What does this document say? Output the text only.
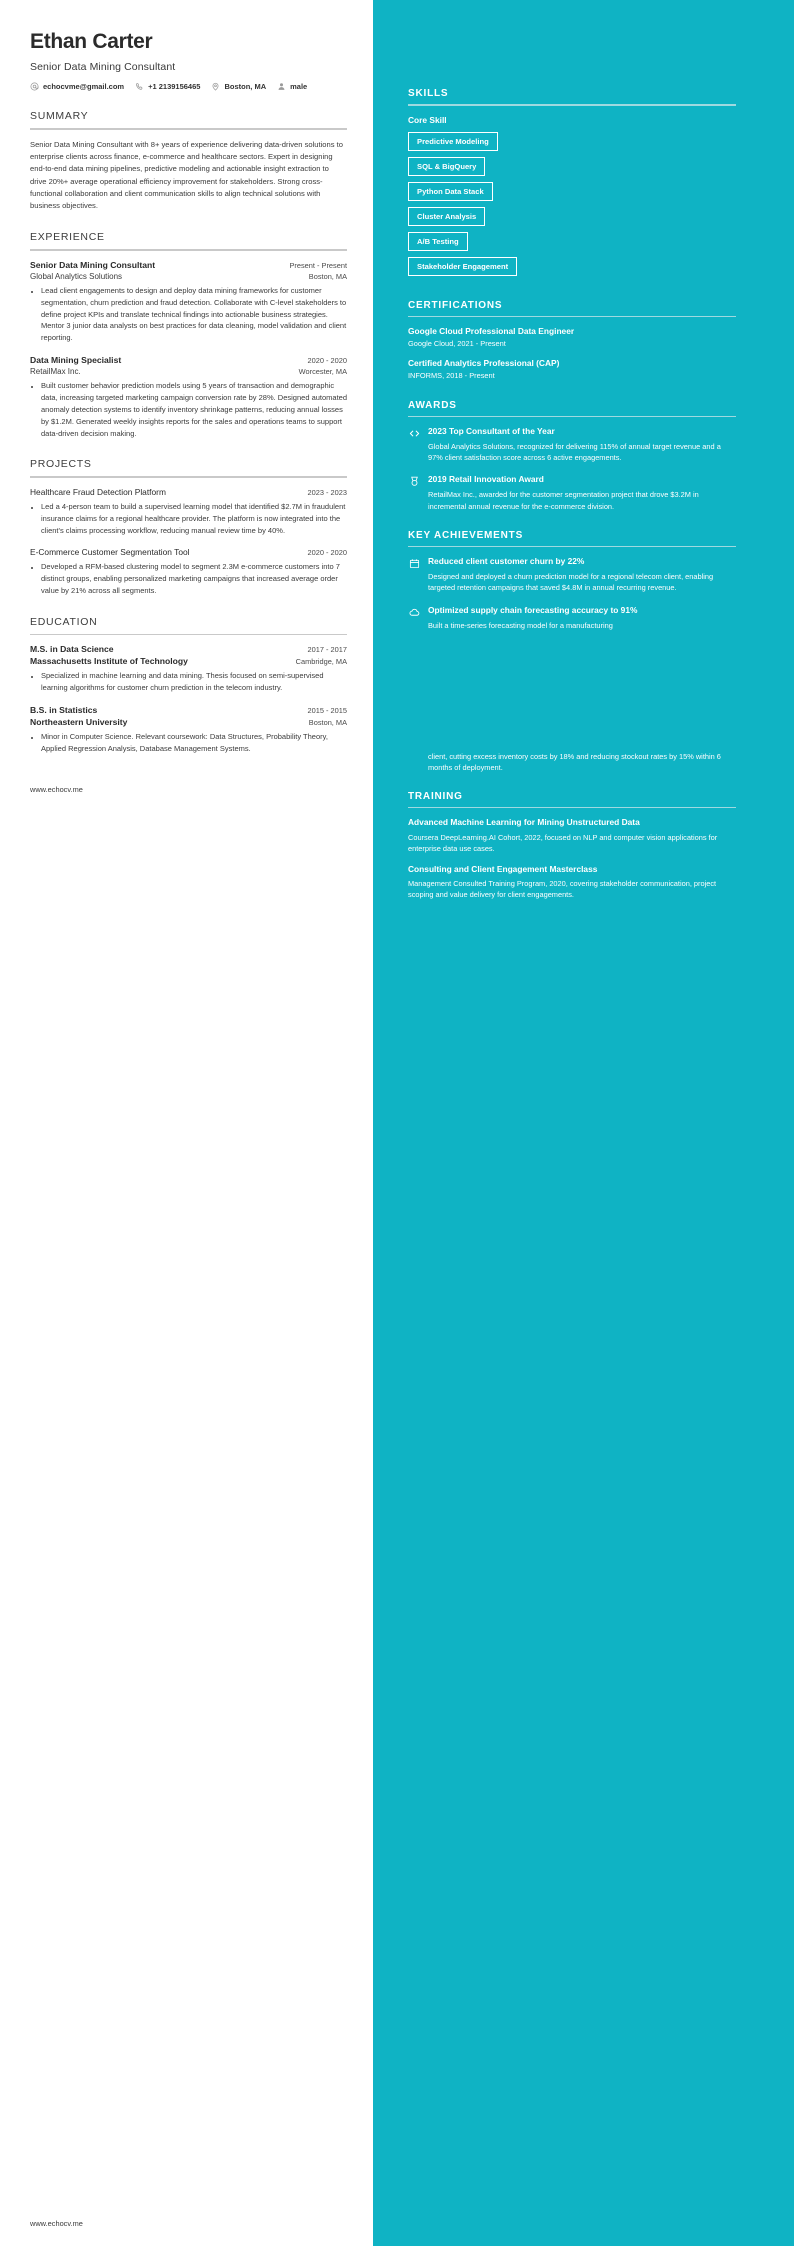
Ethan Carter
Senior Data Mining Consultant
echocvme@gmail.com	+1 2139156465	Boston, MA	male
SUMMARY
Senior Data Mining Consultant with 8+ years of experience delivering data-driven solutions to enterprise clients across finance, e-commerce and healthcare sectors. Expert in designing end-to-end data mining pipelines, predictive modeling and actionable insight extraction to drive 20%+ average operational efficiency improvement for stakeholders. Strong cross-functional collaboration and client communication skills to align technical solutions with business objectives.
EXPERIENCE
Senior Data Mining Consultant	Present - Present
Global Analytics Solutions	Boston, MA
• Lead client engagements to design and deploy data mining frameworks for customer segmentation, churn prediction and fraud detection. Collaborate with C-level stakeholders to define project KPIs and translate technical findings into actionable business strategies. Mentor 3 junior data analysts on best practices for data cleaning, model validation and client reporting.
Data Mining Specialist	2020 - 2020
RetailMax Inc.	Worcester, MA
• Built customer behavior prediction models using 5 years of transaction and demographic data, increasing targeted marketing campaign conversion rate by 28%. Designed automated anomaly detection systems to identify inventory shrinkage patterns, reducing annual losses by $1.2M. Generated weekly insights reports for the sales and operations teams to support data-driven decision making.
PROJECTS
Healthcare Fraud Detection Platform	2023 - 2023
• Led a 4-person team to build a supervised learning model that identified $2.7M in fraudulent insurance claims for a regional healthcare provider. The platform is now integrated into the client's claims processing workflow, reducing manual review time by 40%.
E-Commerce Customer Segmentation Tool	2020 - 2020
• Developed a RFM-based clustering model to segment 2.3M e-commerce customers into 7 distinct groups, enabling personalized marketing campaigns that increased average order value by 21% across all segments.
EDUCATION
M.S. in Data Science	2017 - 2017
Massachusetts Institute of Technology	Cambridge, MA
• Specialized in machine learning and data mining. Thesis focused on semi-supervised learning algorithms for customer churn prediction in the telecom industry.
B.S. in Statistics	2015 - 2015
Northeastern University	Boston, MA
• Minor in Computer Science. Relevant coursework: Data Structures, Probability Theory, Applied Regression Analysis, Database Management Systems.
www.echocv.me
www.echocv.me
SKILLS
Core Skill
Predictive Modeling
SQL & BigQuery
Python Data Stack
Cluster Analysis
A/B Testing
Stakeholder Engagement
CERTIFICATIONS
Google Cloud Professional Data Engineer
Google Cloud, 2021 - Present
Certified Analytics Professional (CAP)
INFORMS, 2018 - Present
AWARDS
2023 Top Consultant of the Year
Global Analytics Solutions, recognized for delivering 115% of annual target revenue and a 97% client satisfaction score across 6 active engagements.
2019 Retail Innovation Award
RetailMax Inc., awarded for the customer segmentation project that drove $3.2M in incremental annual revenue for the e-commerce division.
KEY ACHIEVEMENTS
Reduced client customer churn by 22%
Designed and deployed a churn prediction model for a regional telecom client, enabling targeted retention campaigns that saved $4.8M in annual recurring revenue.
Optimized supply chain forecasting accuracy to 91%
Built a time-series forecasting model for a manufacturing
client, cutting excess inventory costs by 18% and reducing stockout rates by 15% within 6 months of deployment.
TRAINING
Advanced Machine Learning for Mining Unstructured Data
Coursera DeepLearning.AI Cohort, 2022, focused on NLP and computer vision applications for enterprise data use cases.
Consulting and Client Engagement Masterclass
Management Consulted Training Program, 2020, covering stakeholder communication, project scoping and value delivery for client engagements.
